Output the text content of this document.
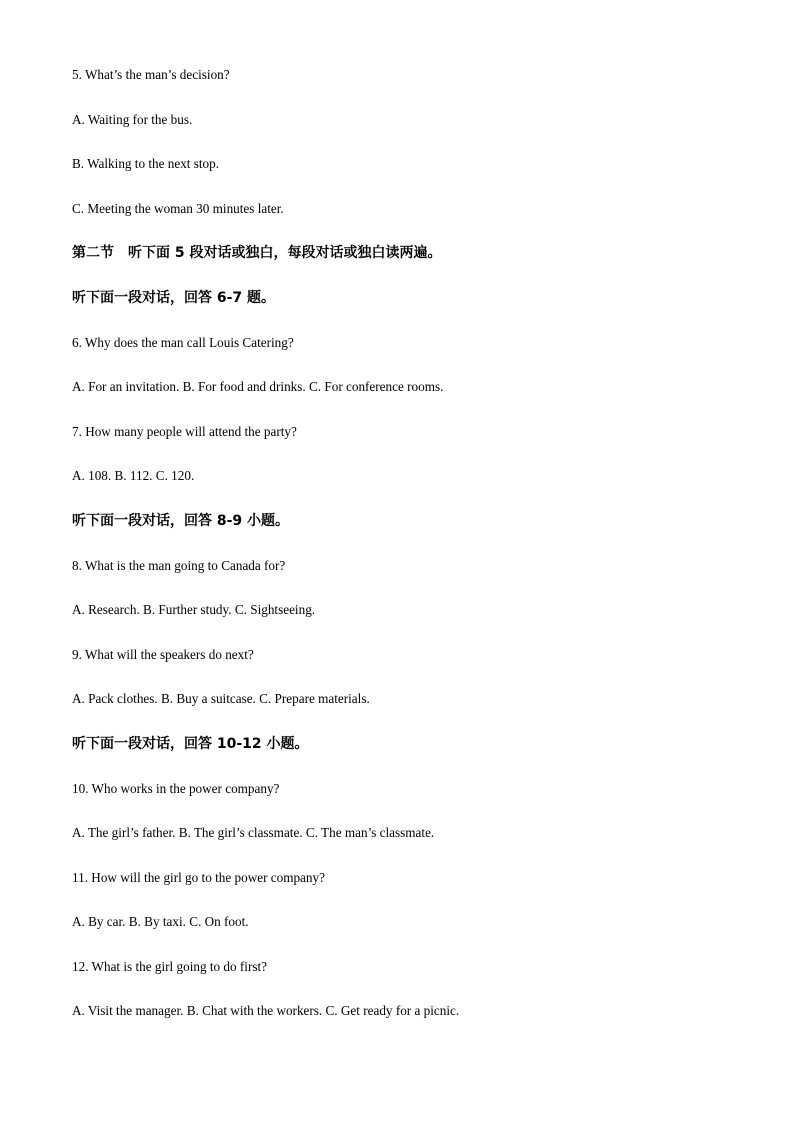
5. What’s the man’s decision?
A. Waiting for the bus.
B. Walking to the next stop.
C. Meeting the woman 30 minutes later.
第二节　听下面 5 段对话或独白，每段对话或独白读两遍。
听下面一段对话，回答 6-7 题。
6. Why does the man call Louis Catering?
A. For an invitation. B. For food and drinks. C. For conference rooms.
7. How many people will attend the party?
A. 108. B. 112. C. 120.
听下面一段对话，回答 8-9 小题。
8. What is the man going to Canada for?
A. Research. B. Further study. C. Sightseeing.
9. What will the speakers do next?
A. Pack clothes. B. Buy a suitcase. C. Prepare materials.
听下面一段对话，回答 10-12 小题。
10. Who works in the power company?
A. The girl’s father. B. The girl’s classmate. C. The man’s classmate.
11. How will the girl go to the power company?
A. By car. B. By taxi. C. On foot.
12. What is the girl going to do first?
A. Visit the manager. B. Chat with the workers. C. Get ready for a picnic.
